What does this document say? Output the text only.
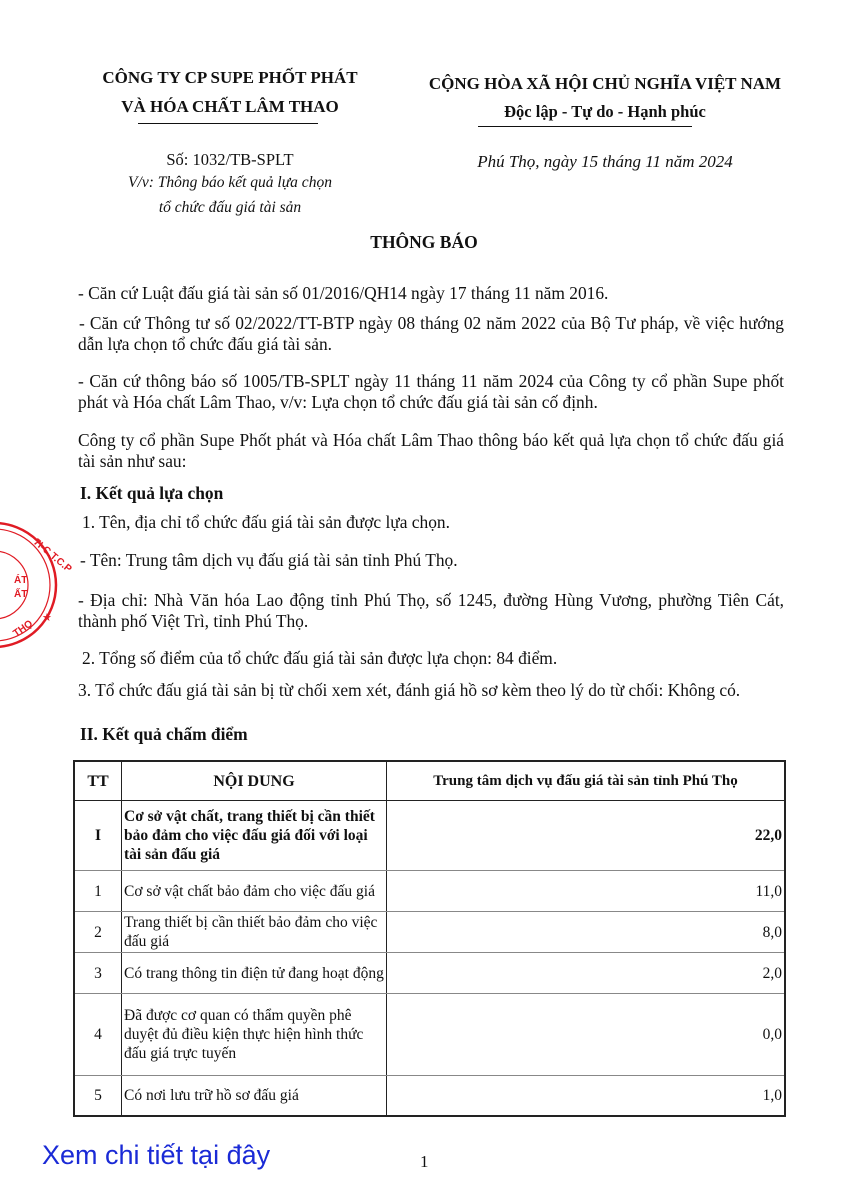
CÔNG TY CP SUPE PHỐT PHÁT
VÀ HÓA CHẤT LÂM THAO
Số: 1032/TB-SPLT
V/v: Thông báo kết quả lựa chọn
tổ chức đấu giá tài sản
CỘNG HÒA XÃ HỘI CHỦ NGHĨA VIỆT NAM
Độc lập - Tự do - Hạnh phúc
Phú Thọ, ngày 15 tháng 11 năm 2024
THÔNG BÁO
- Căn cứ Luật đấu giá tài sản số 01/2016/QH14 ngày 17 tháng 11 năm 2016.
- Căn cứ Thông tư số 02/2022/TT-BTP ngày 08 tháng 02 năm 2022 của Bộ Tư pháp, về việc hướng dẫn lựa chọn tổ chức đấu giá tài sản.
- Căn cứ thông báo số 1005/TB-SPLT ngày 11 tháng 11 năm 2024 của Công ty cổ phần Supe phốt phát và Hóa chất Lâm Thao, v/v: Lựa chọn tổ chức đấu giá tài sản cố định.
Công ty cổ phần Supe Phốt phát và Hóa chất Lâm Thao thông báo kết quả lựa chọn tổ chức đấu giá tài sản như sau:
I. Kết quả lựa chọn
1. Tên, địa chỉ tổ chức đấu giá tài sản được lựa chọn.
- Tên: Trung tâm dịch vụ đấu giá tài sản tỉnh Phú Thọ.
- Địa chỉ: Nhà Văn hóa Lao động tỉnh Phú Thọ, số 1245, đường Hùng Vương, phường Tiên Cát, thành phố Việt Trì, tỉnh Phú Thọ.
2. Tổng số điểm của tổ chức đấu giá tài sản được lựa chọn: 84 điểm.
3. Tổ chức đấu giá tài sản bị từ chối xem xét, đánh giá hồ sơ kèm theo lý do từ chối: Không có.
II. Kết quả chấm điểm
TT	NỘI DUNG	Trung tâm dịch vụ đấu giá tài sản tỉnh Phú Thọ
I	Cơ sở vật chất, trang thiết bị cần thiết bảo đảm cho việc đấu giá đối với loại tài sản đấu giá	22,0
1	Cơ sở vật chất bảo đảm cho việc đấu giá	11,0
2	Trang thiết bị cần thiết bảo đảm cho việc đấu giá	8,0
3	Có trang thông tin điện tử đang hoạt động	2,0
4	Đã được cơ quan có thẩm quyền phê duyệt đủ điều kiện thực hiện hình thức đấu giá trực tuyến	0,0
5	Có nơi lưu trữ hồ sơ đấu giá	1,0
7I-C.T.C.P
★
ÁT
ẤT
THỌ
Xem chi tiết tại đây	1
